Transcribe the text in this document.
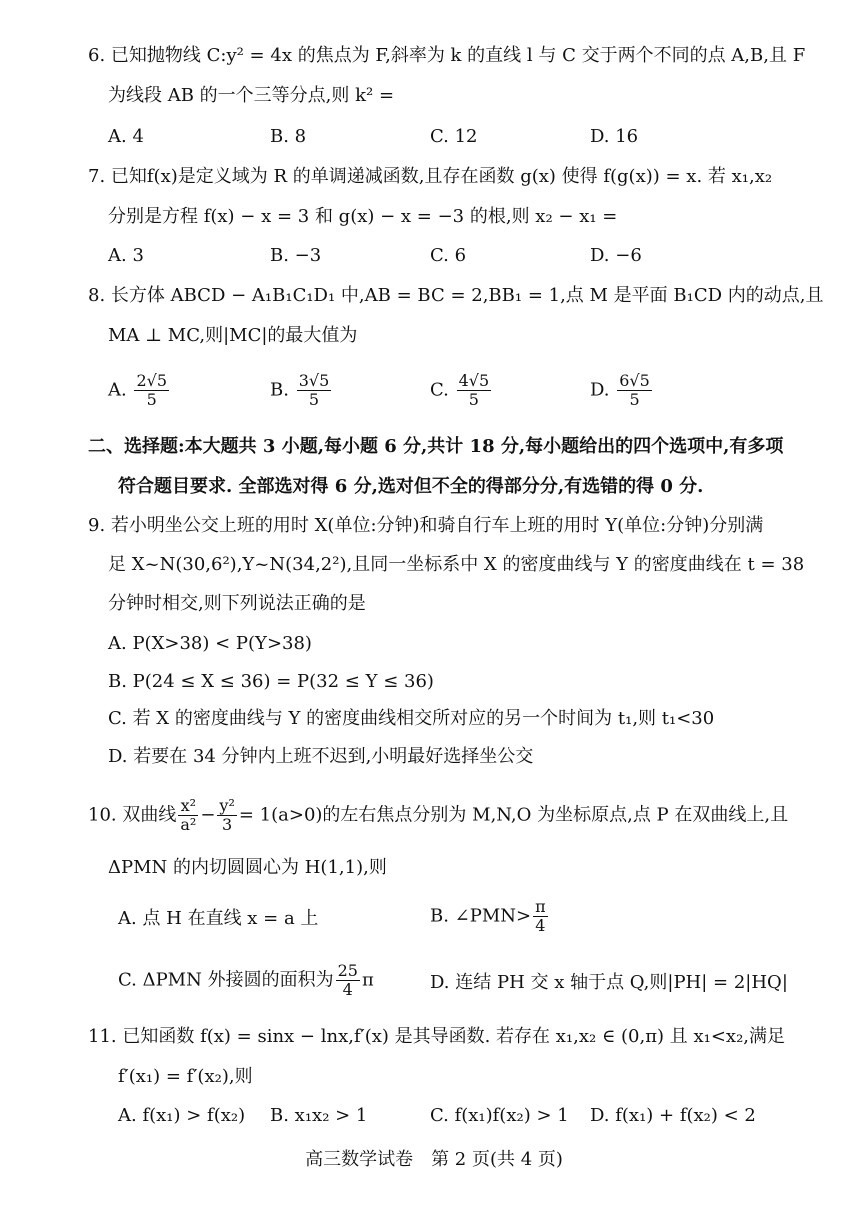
6. 已知抛物线 C:y² = 4x 的焦点为 F,斜率为 k 的直线 l 与 C 交于两个不同的点 A,B,且 F
为线段 AB 的一个三等分点,则 k² =
A. 4	B. 8	C. 12	D. 16
7. 已知f(x)是定义域为 R 的单调递减函数,且存在函数 g(x) 使得 f(g(x)) = x. 若 x₁,x₂
分别是方程 f(x) − x = 3 和 g(x) − x = −3 的根,则 x₂ − x₁ =
A. 3	B. −3	C. 6	D. −6
8. 长方体 ABCD − A₁B₁C₁D₁ 中,AB = BC = 2,BB₁ = 1,点 M 是平面 B₁CD 内的动点,且
MA ⊥ MC,则|MC|的最大值为
A. $\frac{2√5}{5}$	B. $\frac{3√5}{5}$	C. $\frac{4√5}{5}$	D. $\frac{6√5}{5}$
二、选择题:本大题共 3 小题,每小题 6 分,共计 18 分,每小题给出的四个选项中,有多项
符合题目要求. 全部选对得 6 分,选对但不全的得部分分,有选错的得 0 分.
9. 若小明坐公交上班的用时 X(单位:分钟)和骑自行车上班的用时 Y(单位:分钟)分别满
足 X~N(30,6²),Y~N(34,2²),且同一坐标系中 X 的密度曲线与 Y 的密度曲线在 t = 38
分钟时相交,则下列说法正确的是
A. P(X>38) < P(Y>38)
B. P(24 ≤ X ≤ 36) = P(32 ≤ Y ≤ 36)
C. 若 X 的密度曲线与 Y 的密度曲线相交所对应的另一个时间为 t₁,则 t₁<30
D. 若要在 34 分钟内上班不迟到,小明最好选择坐公交
10. 双曲线 $\frac{\text{x²}}{\text{a²}} - \frac{\text{y²}}{3} = 1(a>0)$的左右焦点分别为 M,N,O 为坐标原点,点 P 在双曲线上,且
ΔPMN 的内切圆圆心为 H(1,1),则
A. 点 H 在直线 x = a 上	B. ∠PMN> $\frac{\pi}{4}$
C. ΔPMN 外接圆的面积为 $\frac{25}{4}$ π	D. 连结 PH 交 x 轴于点 Q,则|PH| = 2|HQ|
11. 已知函数 f(x) = sinx − lnx,f′(x) 是其导函数. 若存在 x₁,x₂ ∈ (0,π) 且 x₁<x₂,满足
f′(x₁) = f′(x₂),则
A. f(x₁) > f(x₂) B. x₁x₂ > 1	C. f(x₁)f(x₂) > 1 D. f(x₁) + f(x₂) < 2
高三数学试卷　第 2 页(共 4 页)
